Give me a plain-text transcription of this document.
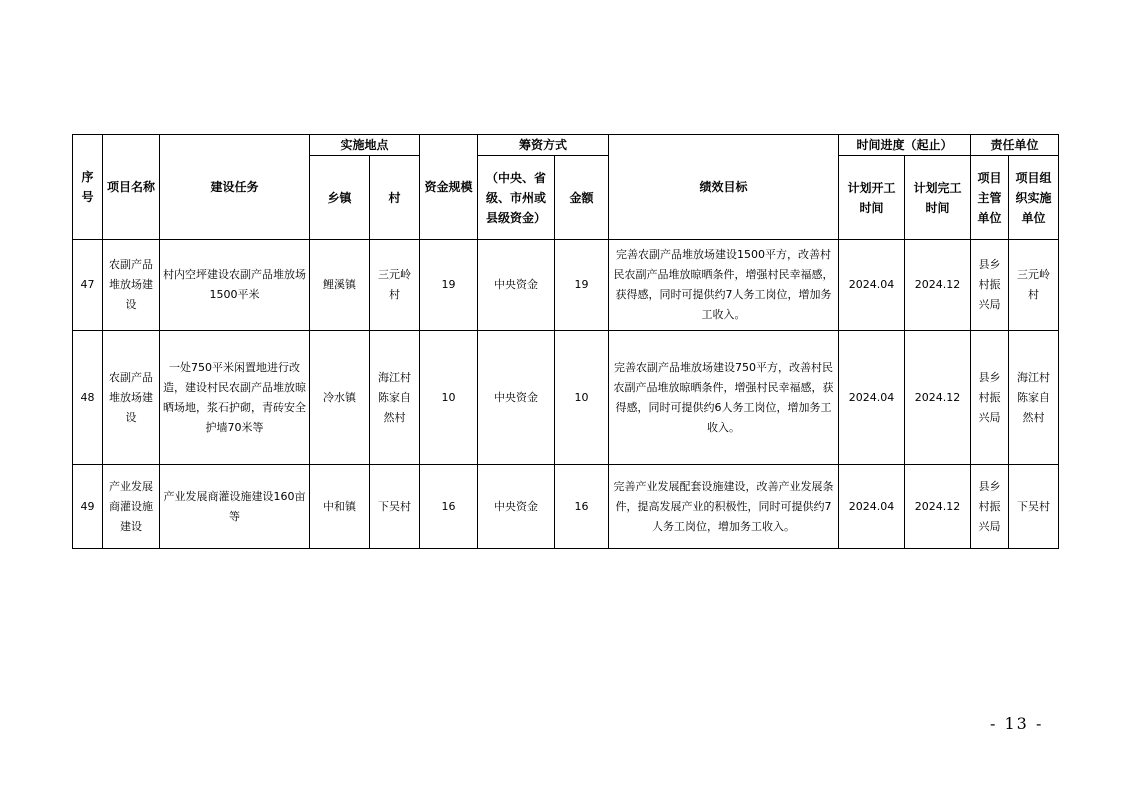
序号	项目名称	建设任务	实施地点		资金规模	筹资方式		绩效目标	时间进度（起止）		责任单位	
			乡镇	村		（中央、省级、市州或县级资金）	金额		计划开工时间	计划完工时间	项目主管单位	项目组织实施单位
47	农副产品堆放场建设	村内空坪建设农副产品堆放场1500平米	鲤溪镇	三元岭村	19	中央资金	19	完善农副产品堆放场建设1500平方，改善村民农副产品堆放晾晒条件，增强村民幸福感，获得感，同时可提供约7人务工岗位，增加务工收入。	2024.04	2024.12	县乡村振兴局	三元岭村
48	农副产品堆放场建设	一处750平米闲置地进行改造，建设村民农副产品堆放晾晒场地，浆石护砌，青砖安全护墙70米等	冷水镇	海江村陈家自然村	10	中央资金	10	完善农副产品堆放场建设750平方，改善村民农副产品堆放晾晒条件，增强村民幸福感，获得感，同时可提供约6人务工岗位，增加务工收入。	2024.04	2024.12	县乡村振兴局	海江村陈家自然村
49	产业发展商灌设施建设	产业发展商灌设施建设160亩等	中和镇	下吴村	16	中央资金	16	完善产业发展配套设施建设，改善产业发展条件，提高发展产业的积极性，同时可提供约7人务工岗位，增加务工收入。	2024.04	2024.12	县乡村振兴局	下吴村
- 13 -
